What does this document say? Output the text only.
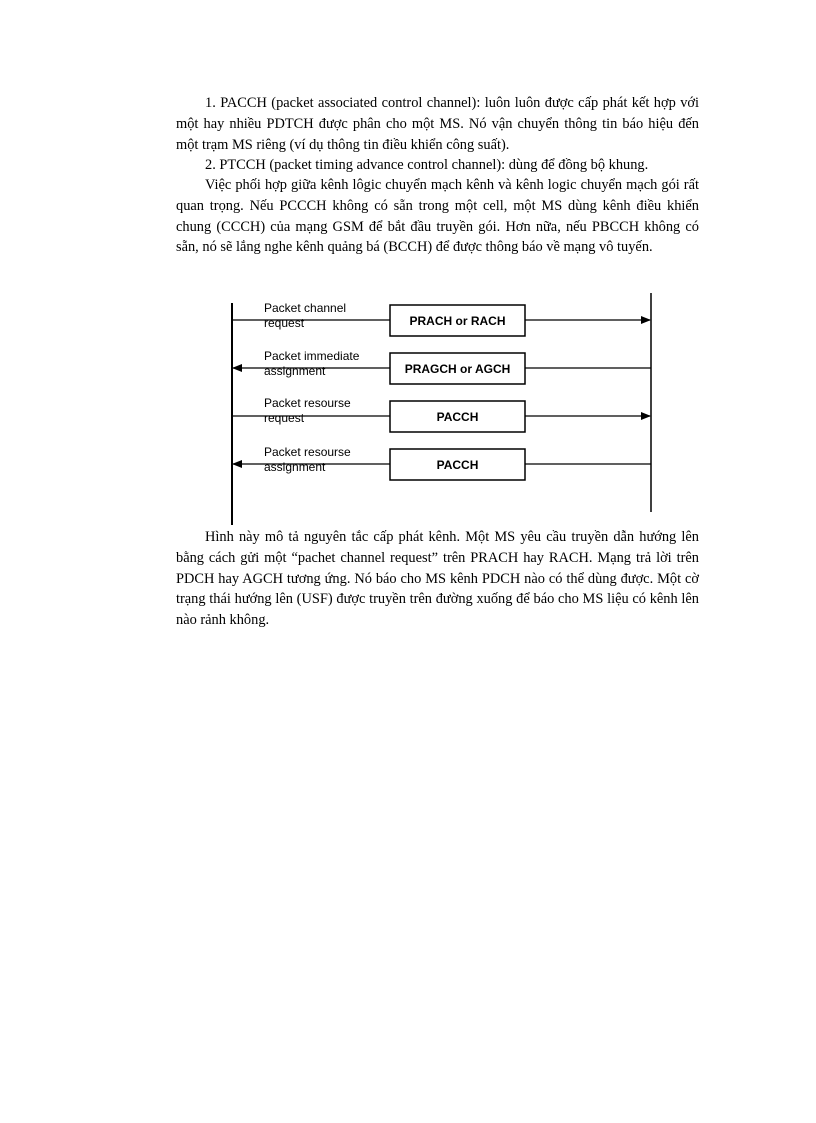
1. PACCH (packet associated control channel): luôn luôn được cấp phát kết hợp với một hay nhiều PDTCH được phân cho một MS. Nó vận chuyển thông tin báo hiệu đến một trạm MS riêng (ví dụ thông tin điều khiển công suất).

2. PTCCH (packet timing advance control channel): dùng để đồng bộ khung.

Việc phối hợp giữa kênh lôgic chuyển mạch kênh và kênh logic chuyển mạch gói rất quan trọng. Nếu PCCCH không có sẵn trong một cell, một MS dùng kênh điều khiển chung (CCCH) của mạng GSM để bắt đầu truyền gói. Hơn nữa, nếu PBCCH không có sẵn, nó sẽ lắng nghe kênh quảng bá (BCCH) để được thông báo về mạng vô tuyến.

Packet channel
request	PRACH or RACH
Packet immediate
assignment	PRAGCH or AGCH
Packet resourse
request	PACCH
Packet resourse
assignment	PACCH

Hình này mô tả nguyên tắc cấp phát kênh. Một MS yêu cầu truyền dẫn hướng lên bằng cách gửi một “pachet channel request” trên PRACH hay RACH. Mạng trả lời trên PDCH hay AGCH tương ứng. Nó báo cho MS kênh PDCH nào có thể dùng được. Một cờ trạng thái hướng lên (USF) được truyền trên đường xuống để báo cho MS liệu có kênh lên nào rảnh không.
